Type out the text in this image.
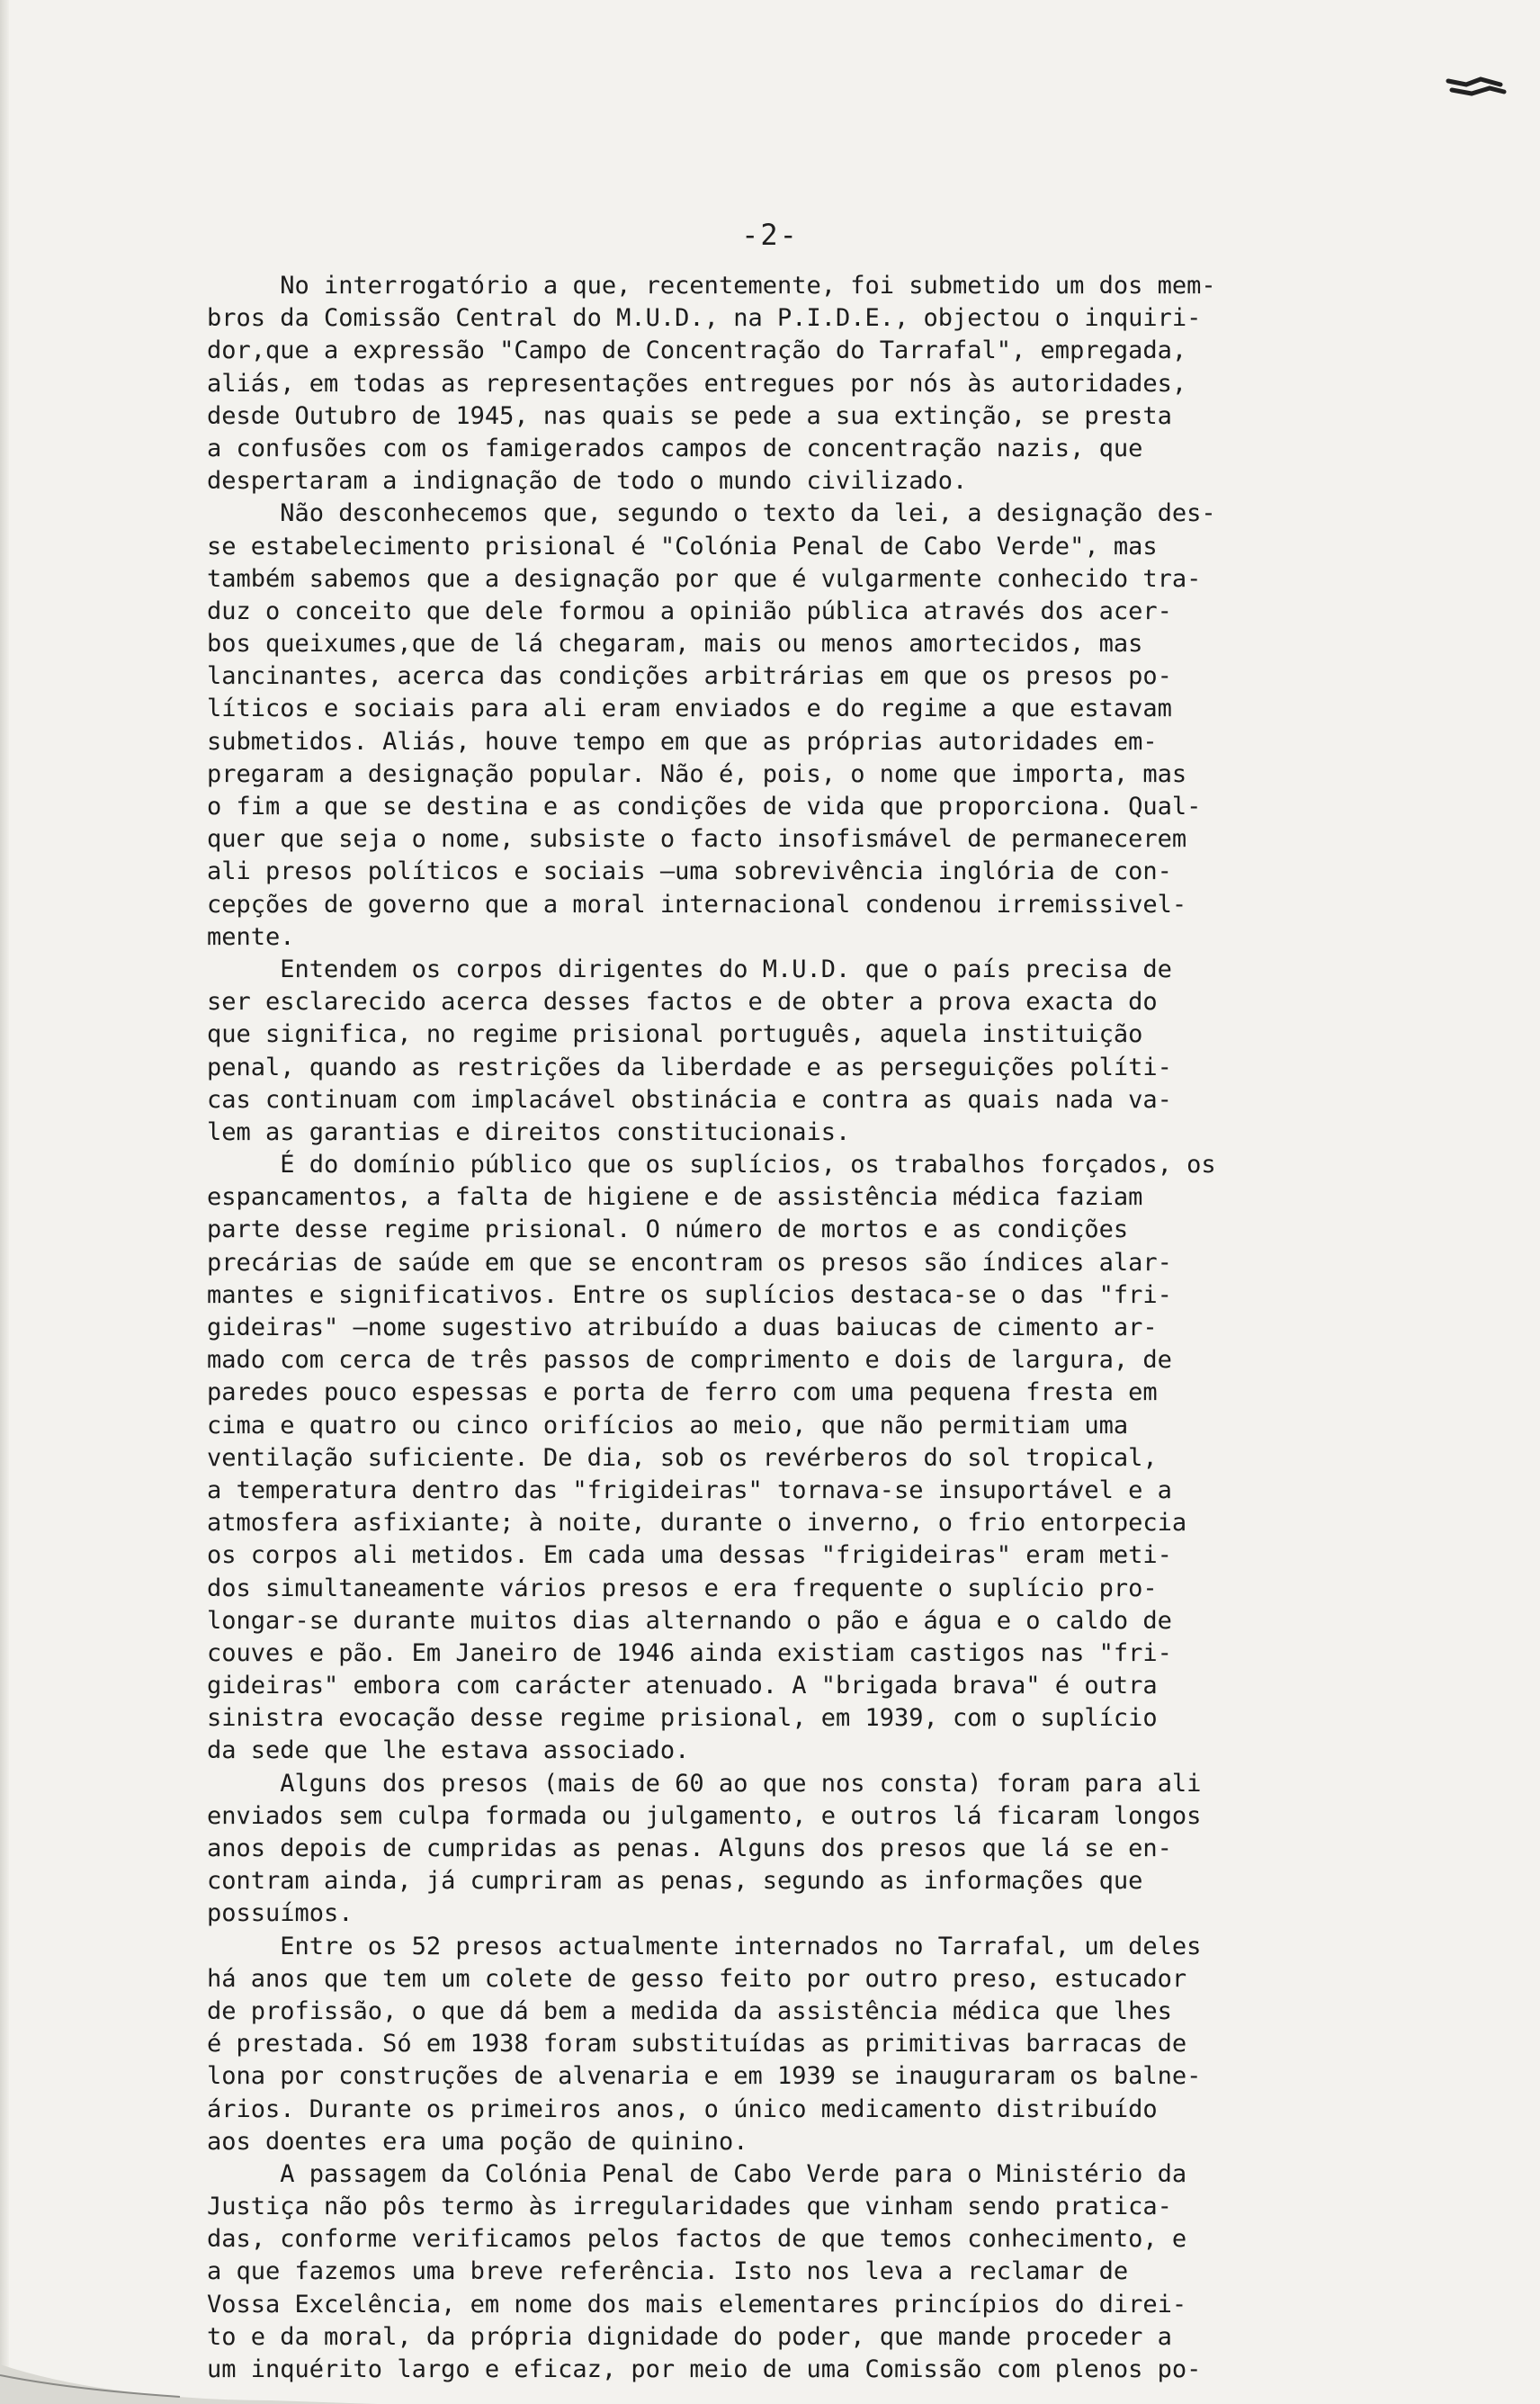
-2-
No interrogatório a que, recentemente, foi submetido um dos mem-
bros da Comissão Central do M.U.D., na P.I.D.E., objectou o inquiri-
dor,que a expressão "Campo de Concentração do Tarrafal", empregada,
aliás, em todas as representações entregues por nós às autoridades,
desde Outubro de 1945, nas quais se pede a sua extinção, se presta
a confusões com os famigerados campos de concentração nazis, que
despertaram a indignação de todo o mundo civilizado.
Não desconhecemos que, segundo o texto da lei, a designação des-
se estabelecimento prisional é "Colónia Penal de Cabo Verde", mas
também sabemos que a designação por que é vulgarmente conhecido tra-
duz o conceito que dele formou a opinião pública através dos acer-
bos queixumes,que de lá chegaram, mais ou menos amortecidos, mas
lancinantes, acerca das condições arbitrárias em que os presos po-
líticos e sociais para ali eram enviados e do regime a que estavam
submetidos. Aliás, houve tempo em que as próprias autoridades em-
pregaram a designação popular. Não é, pois, o nome que importa, mas
o fim a que se destina e as condições de vida que proporciona. Qual-
quer que seja o nome, subsiste o facto insofismável de permanecerem
ali presos políticos e sociais —uma sobrevivência inglória de con-
cepções de governo que a moral internacional condenou irremissivel-
mente.
Entendem os corpos dirigentes do M.U.D. que o país precisa de
ser esclarecido acerca desses factos e de obter a prova exacta do
que significa, no regime prisional português, aquela instituição
penal, quando as restrições da liberdade e as perseguições políti-
cas continuam com implacável obstinácia e contra as quais nada va-
lem as garantias e direitos constitucionais.
É do domínio público que os suplícios, os trabalhos forçados, os
espancamentos, a falta de higiene e de assistência médica faziam
parte desse regime prisional. O número de mortos e as condições
precárias de saúde em que se encontram os presos são índices alar-
mantes e significativos. Entre os suplícios destaca-se o das "fri-
gideiras" —nome sugestivo atribuído a duas baiucas de cimento ar-
mado com cerca de três passos de comprimento e dois de largura, de
paredes pouco espessas e porta de ferro com uma pequena fresta em
cima e quatro ou cinco orifícios ao meio, que não permitiam uma
ventilação suficiente. De dia, sob os revérberos do sol tropical,
a temperatura dentro das "frigideiras" tornava-se insuportável e a
atmosfera asfixiante; à noite, durante o inverno, o frio entorpecia
os corpos ali metidos. Em cada uma dessas "frigideiras" eram meti-
dos simultaneamente vários presos e era frequente o suplício pro-
longar-se durante muitos dias alternando o pão e água e o caldo de
couves e pão. Em Janeiro de 1946 ainda existiam castigos nas "fri-
gideiras" embora com carácter atenuado. A "brigada brava" é outra
sinistra evocação desse regime prisional, em 1939, com o suplício
da sede que lhe estava associado.
Alguns dos presos (mais de 60 ao que nos consta) foram para ali
enviados sem culpa formada ou julgamento, e outros lá ficaram longos
anos depois de cumpridas as penas. Alguns dos presos que lá se en-
contram ainda, já cumpriram as penas, segundo as informações que
possuímos.
Entre os 52 presos actualmente internados no Tarrafal, um deles
há anos que tem um colete de gesso feito por outro preso, estucador
de profissão, o que dá bem a medida da assistência médica que lhes
é prestada. Só em 1938 foram substituídas as primitivas barracas de
lona por construções de alvenaria e em 1939 se inauguraram os balne-
ários. Durante os primeiros anos, o único medicamento distribuído
aos doentes era uma poção de quinino.
A passagem da Colónia Penal de Cabo Verde para o Ministério da
Justiça não pôs termo às irregularidades que vinham sendo pratica-
das, conforme verificamos pelos factos de que temos conhecimento, e
a que fazemos uma breve referência. Isto nos leva a reclamar de
Vossa Excelência, em nome dos mais elementares princípios do direi-
to e da moral, da própria dignidade do poder, que mande proceder a
um inquérito largo e eficaz, por meio de uma Comissão com plenos po-
